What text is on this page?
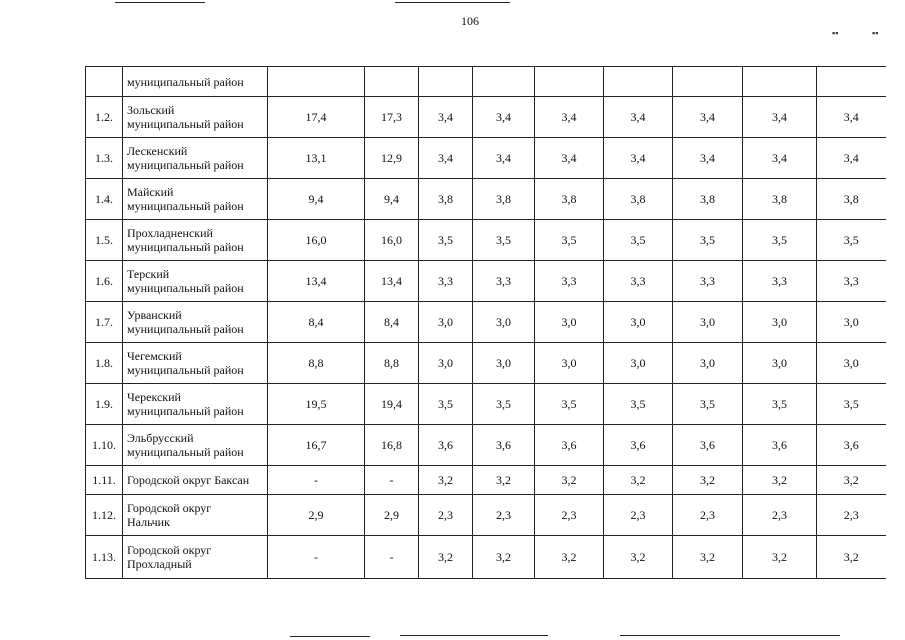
▪▪	▪▪
106

	муниципальный район									

1.2.	Зольский
муниципальный район	17,4	17,3	3,4	3,4	3,4	3,4	3,4	3,4	3,4
1.3.	Лескенский
муниципальный район	13,1	12,9	3,4	3,4	3,4	3,4	3,4	3,4	3,4
1.4.	Майский
муниципальный район	9,4	9,4	3,8	3,8	3,8	3,8	3,8	3,8	3,8
1.5.	Прохладненский
муниципальный район	16,0	16,0	3,5	3,5	3,5	3,5	3,5	3,5	3,5
1.6.	Терский
муниципальный район	13,4	13,4	3,3	3,3	3,3	3,3	3,3	3,3	3,3
1.7.	Урванский
муниципальный район	8,4	8,4	3,0	3,0	3,0	3,0	3,0	3,0	3,0
1.8.	Чегемский
муниципальный район	8,8	8,8	3,0	3,0	3,0	3,0	3,0	3,0	3,0
1.9.	Черекский
муниципальный район	19,5	19,4	3,5	3,5	3,5	3,5	3,5	3,5	3,5
1.10.	Эльбрусский
муниципальный район	16,7	16,8	3,6	3,6	3,6	3,6	3,6	3,6	3,6
1.11.	Городской округ Баксан	-	-	3,2	3,2	3,2	3,2	3,2	3,2	3,2
1.12.	Городской округ
Нальчик	2,9	2,9	2,3	2,3	2,3	2,3	2,3	2,3	2,3
1.13.	Городской округ
Прохладный	-	-	3,2	3,2	3,2	3,2	3,2	3,2	3,2
